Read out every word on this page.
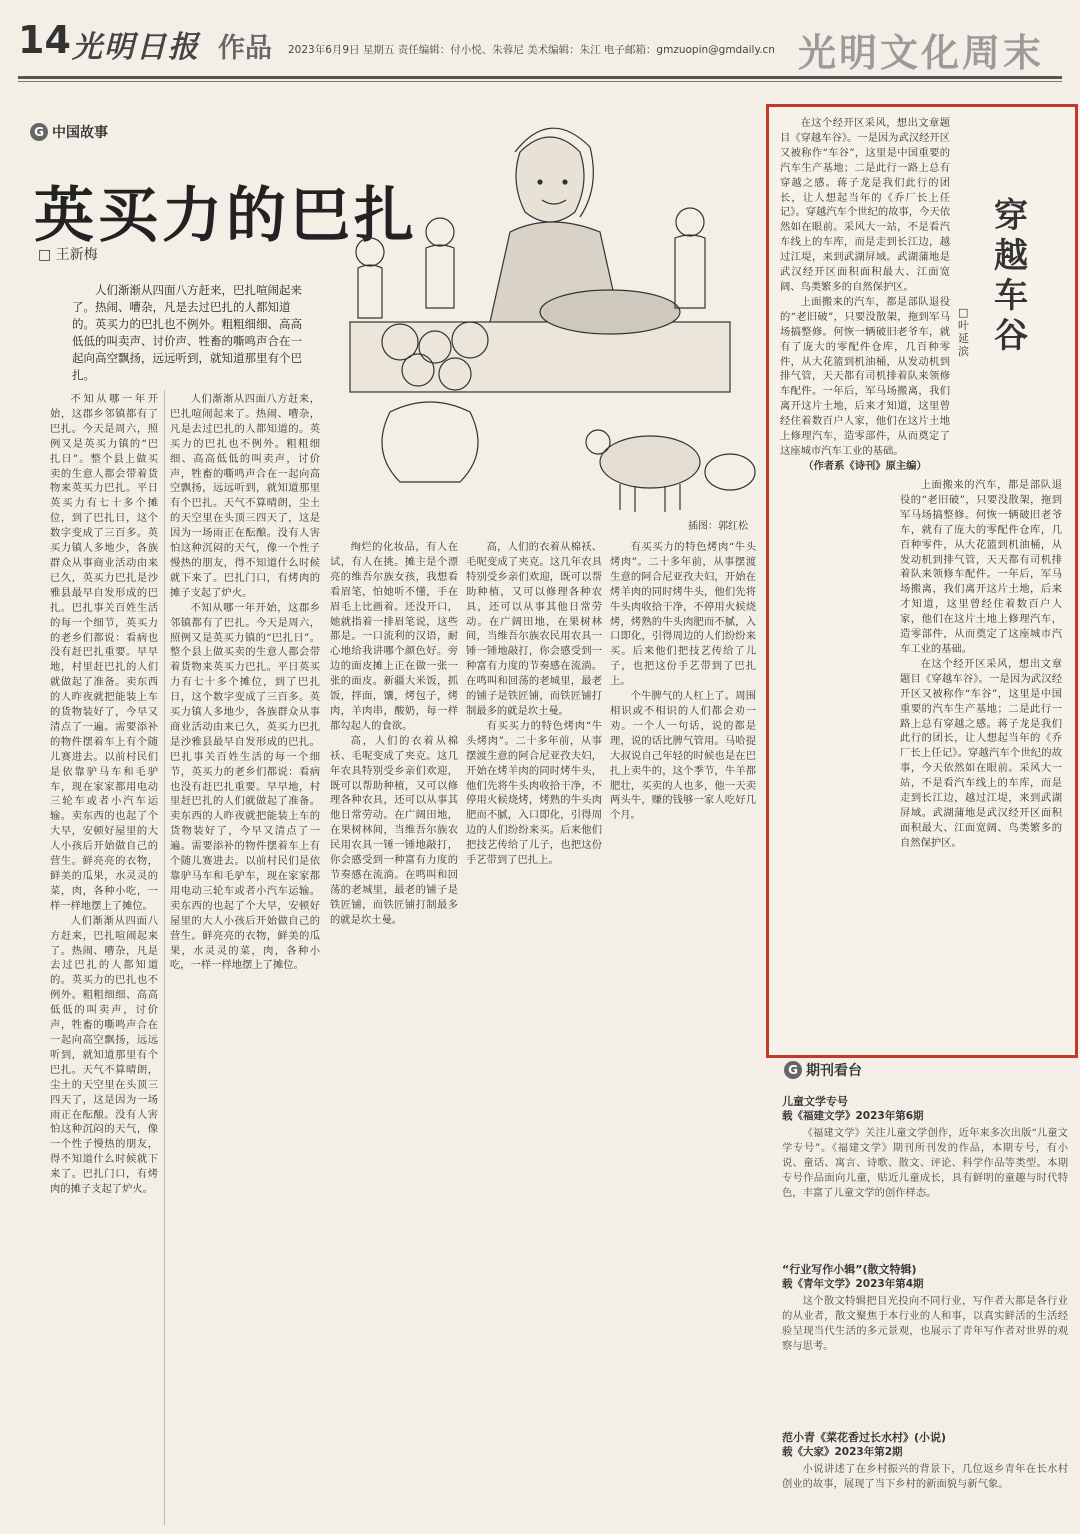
14 光明日报 作品 2023年6月9日 星期五 责任编辑：付小悦、朱蓉尼 美术编辑：朱江 电子邮箱：gmzuopin@gmdaily.cn 光明文化周末
G 中国故事
英买力的巴扎
□ 王新梅
人们渐渐从四面八方赶来，巴扎喧闹起来了。热闹、嘈杂，凡是去过巴扎的人都知道的。英买力的巴扎也不例外。粗粗细细、高高低低的叫卖声、讨价声、牲畜的嘶鸣声合在一起向高空飘扬，远远听到，就知道那里有个巴扎。
插图：郭红松

不知从哪一年开始，这郡乡邻镇都有了巴扎。今天是周六，照例又是英买力镇的“巴扎日”。整个县上做买卖的生意人都会带着货物来英买力巴扎。平日英买力有七十多个摊位，到了巴扎日，这个数字变成了三百多。英买力镇人多地少，各族群众从事商业活动由来已久，英买力巴扎是沙雅县最早自发形成的巴扎。巴扎事关百姓生活的每一个细节，英买力的老乡们都说：看病也没有赶巴扎重要。早早地，村里赶巴扎的人们就做起了准备。卖东西的人昨夜就把能装上车的货物装好了，今早又清点了一遍。需要添补的物件摆着车上有个随儿赛进去。以前村民们是依靠驴马车和毛驴车，现在家家都用电动三轮车或者小汽车运输。卖东西的也起了个大早，安顿好屋里的大人小孩后开始做自己的营生。鲜亮亮的衣物，鲜美的瓜果，水灵灵的菜，肉，各种小吃，一样一样地摆上了摊位。

人们渐渐从四面八方赶来，巴扎喧闹起来了。热闹、嘈杂，凡是去过巴扎的人都知道的。英买力的巴扎也不例外。粗粗细细、高高低低的叫卖声，讨价声，牲畜的嘶鸣声合在一起向高空飘扬，远远听到，就知道那里有个巴扎。天气不算晴朗，尘土的天空里在头顶三四天了，这是因为一场雨正在酝酿。没有人害怕这种沉闷的天气，像一个性子慢热的朋友，得不知道什么时候就下来了。巴扎门口，有烤肉的摊子支起了炉火。

人们渐渐从四面八方赶来，巴扎喧闹起来了。热闹、嘈杂，凡是去过巴扎的人都知道的。英买力的巴扎也不例外。粗粗细细、高高低低的叫卖声，讨价声，牲畜的嘶鸣声合在一起向高空飘扬，远远听到，就知道那里有个巴扎。天气不算晴朗，尘土的天空里在头顶三四天了，这是因为一场雨正在酝酿。没有人害怕这种沉闷的天气，像一个性子慢热的朋友，得不知道什么时候就下来了。巴扎门口，有烤肉的摊子支起了炉火。

不知从哪一年开始，这郡乡邻镇都有了巴扎。今天是周六，照例又是英买力镇的“巴扎日”。整个县上做买卖的生意人都会带着货物来英买力巴扎。平日英买力有七十多个摊位，到了巴扎日，这个数字变成了三百多。英买力镇人多地少，各族群众从事商业活动由来已久，英买力巴扎是沙雅县最早自发形成的巴扎。巴扎事关百姓生活的每一个细节，英买力的老乡们都说：看病也没有赶巴扎重要。早早地，村里赶巴扎的人们就做起了准备。卖东西的人昨夜就把能装上车的货物装好了，今早又清点了一遍。需要添补的物件摆着车上有个随儿赛进去。以前村民们是依靠驴马车和毛驴车，现在家家都用电动三轮车或者小汽车运输。卖东西的也起了个大早，安顿好屋里的大人小孩后开始做自己的营生。鲜亮亮的衣物，鲜美的瓜果，水灵灵的菜，肉，各种小吃，一样一样地摆上了摊位。

绚烂的化妆品，有人在试，有人在挑。摊主是个漂亮的维吾尔族女孩，我想看看眉笔，怕她听不懂，手在眉毛上比画着。还没开口，她就指着一排眉笔说，这些都是。一口流利的汉语，耐心地给我讲哪个颜色好。旁边的面皮摊上正在做一张一张的面皮。新疆大米饭，抓饭，拌面，馕，烤包子，烤肉，羊肉串，酸奶，每一样都勾起人的食欲。

高，人们的衣着从棉袄、毛呢变成了夹克。这几年农具特别受乡亲们欢迎，既可以帮助种植，又可以修理各种农具，还可以从事其他日常劳动。在广阔田地，在果树林间，当维吾尔族农民用农具一锤一锤地敲打，你会感受到一种富有力度的节奏感在流淌。在鸣叫和回荡的老城里，最老的铺子是铁匠铺，而铁匠铺打制最多的就是坎土曼。

高，人们的衣着从棉袄、毛呢变成了夹克。这几年农具特别受乡亲们欢迎，既可以帮助种植，又可以修理各种农具，还可以从事其他日常劳动。在广阔田地，在果树林间，当维吾尔族农民用农具一锤一锤地敲打，你会感受到一种富有力度的节奏感在流淌。在鸣叫和回荡的老城里，最老的铺子是铁匠铺，而铁匠铺打制最多的就是坎土曼。

有买买力的特色烤肉“牛头烤肉”。二十多年前，从事摆渡生意的阿合尼亚孜夫妇，开始在烤羊肉的同时烤牛头，他们先将牛头肉收拾干净，不停用火候烧烤，烤熟的牛头肉肥而不腻，入口即化，引得周边的人们纷纷来买。后来他们把技艺传给了儿子，也把这份手艺带到了巴扎上。

有买买力的特色烤肉“牛头烤肉”。二十多年前，从事摆渡生意的阿合尼亚孜夫妇，开始在烤羊肉的同时烤牛头，他们先将牛头肉收拾干净，不停用火候烧烤，烤熟的牛头肉肥而不腻，入口即化，引得周边的人们纷纷来买。后来他们把技艺传给了儿子，也把这份手艺带到了巴扎上。

个牛脾气的人杠上了。周围相识或不相识的人们都会劝一劝。一个人一句话，说的都是理，说的话比脾气管用。马哈提大叔说自己年轻的时候也是在巴扎上卖牛的，这个季节，牛羊都肥壮，买卖的人也多，他一天卖两头牛，赚的钱够一家人吃好几个月。

在这个经开区采风，想出文章题目《穿越车谷》。一是因为武汉经开区又被称作“车谷”，这里是中国重要的汽车生产基地；二是此行一路上总有穿越之感。蒋子龙是我们此行的团长，让人想起当年的《乔厂长上任记》。穿越汽车个世纪的故事，今天依然如在眼前。采风大一站，不是看汽车线上的车库，而是走到长江边，越过江堤，来到武湖屏域。武湖蒲地是武汉经开区面积面积最大、江面宽阔、鸟类繁多的自然保护区。

上面搬来的汽车，都是部队退役的“老旧破”，只要没散架，拖到军马场搞整修。何恢一辆破旧老爷车，就有了庞大的零配件仓库，几百种零件，从大花篮到机油桶，从发动机到排气管，天天都有司机排着队来领修车配件。一年后，军马场搬离，我们离开这片土地，后来才知道，这里曾经住着数百户人家，他们在这片土地上修理汽车，造零部件，从而奠定了这座城市汽车工业的基础。

（作者系《诗刊》原主编）

上面搬来的汽车，都是部队退役的“老旧破”，只要没散架，拖到军马场搞整修。何恢一辆破旧老爷车，就有了庞大的零配件仓库，几百种零件，从大花篮到机油桶，从发动机到排气管，天天都有司机排着队来领修车配件。一年后，军马场搬离，我们离开这片土地，后来才知道，这里曾经住着数百户人家，他们在这片土地上修理汽车，造零部件，从而奠定了这座城市汽车工业的基础。

在这个经开区采风，想出文章题目《穿越车谷》。一是因为武汉经开区又被称作“车谷”，这里是中国重要的汽车生产基地；二是此行一路上总有穿越之感。蒋子龙是我们此行的团长，让人想起当年的《乔厂长上任记》。穿越汽车个世纪的故事，今天依然如在眼前。采风大一站，不是看汽车线上的车库，而是走到长江边，越过江堤，来到武湖屏域。武湖蒲地是武汉经开区面积面积最大、江面宽阔、鸟类繁多的自然保护区。

穿越车谷
□ 叶延滨
G 期刊看台
儿童文学专号
载《福建文学》2023年第6期
《福建文学》关注儿童文学创作，近年来多次出版“儿童文学专号”。《福建文学》期刊所刊发的作品，本期专号，有小说、童话、寓言、诗歌、散文、评论、科学作品等类型。本期专号作品面向儿童，贴近儿童成长，具有鲜明的童趣与时代特色，丰富了儿童文学的创作样态。
“行业写作小辑”(散文特辑)
载《青年文学》2023年第4期
这个散文特辑把目光投向不同行业，写作者大都是各行业的从业者，散文聚焦于本行业的人和事，以真实鲜活的生活经验呈现当代生活的多元景观，也展示了青年写作者对世界的观察与思考。
范小青《菜花香过长水村》(小说)
载《大家》2023年第2期
小说讲述了在乡村振兴的背景下，几位返乡青年在长水村创业的故事，展现了当下乡村的新面貌与新气象。
